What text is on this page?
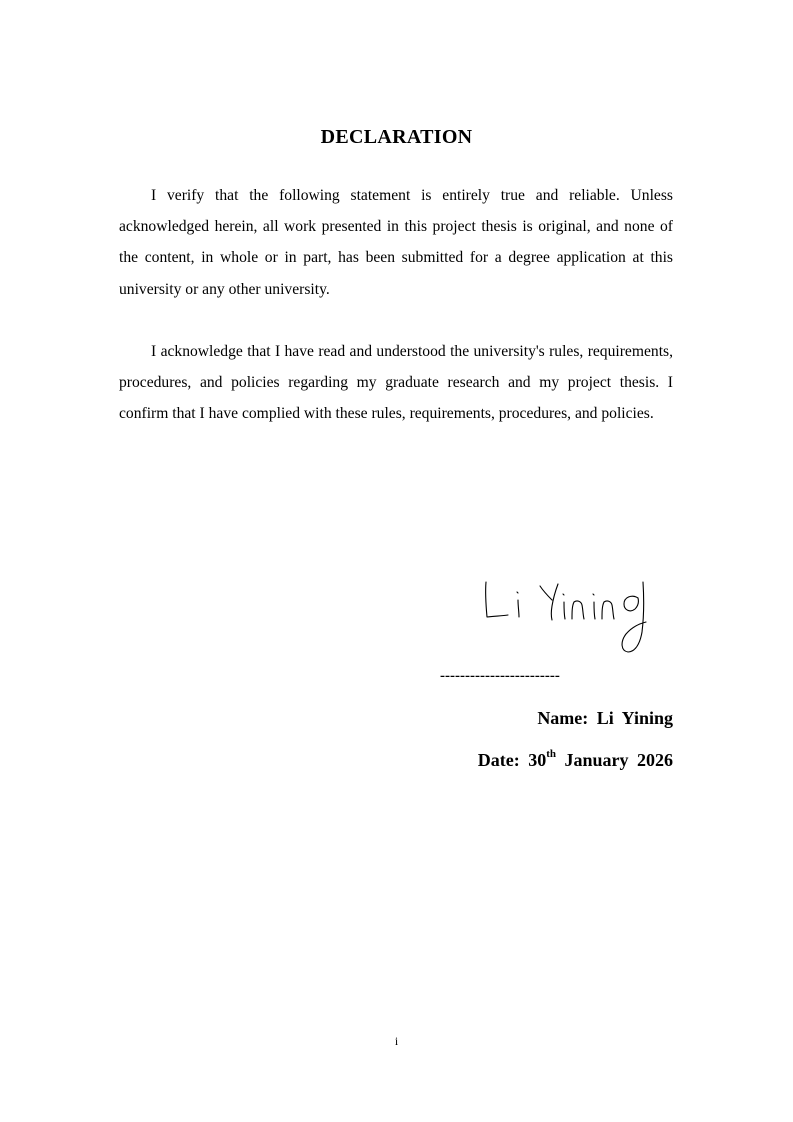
DECLARATION

I verify that the following statement is entirely true and reliable. Unless acknowledged herein, all work presented in this project thesis is original, and none of the content, in whole or in part, has been submitted for a degree application at this university or any other university.

I acknowledge that I have read and understood the university's rules, requirements, procedures, and policies regarding my graduate research and my project thesis. I confirm that I have complied with these rules, requirements, procedures, and policies.

------------------------
Name: Li Yining
Date: 30th January 2026
i
